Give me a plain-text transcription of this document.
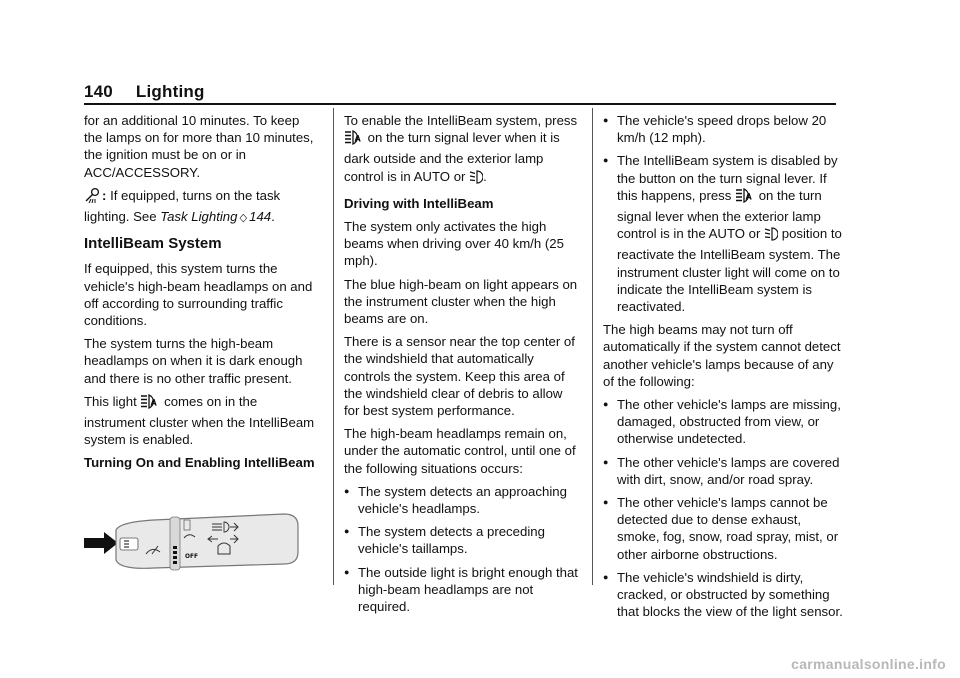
140 Lighting

for an additional 10 minutes. To keep the lamps on for more than 10 minutes, the ignition must be on or in ACC/ACCESSORY.

: If equipped, turns on the task lighting. See Task Lighting ◇ 144.

IntelliBeam System

If equipped, this system turns the vehicle's high-beam headlamps on and off according to surrounding traffic conditions.

The system turns the high-beam headlamps on when it is dark enough and there is no other traffic present.

This light A comes on in the instrument cluster when the IntelliBeam system is enabled.

Turning On and Enabling IntelliBeam
OFF

To enable the IntelliBeam system, press
A on the turn signal lever when it is dark outside and the exterior lamp control is in AUTO or .

Driving with IntelliBeam

The system only activates the high beams when driving over 40 km/h (25 mph).

The blue high-beam on light appears on the instrument cluster when the high beams are on.

There is a sensor near the top center of the windshield that automatically controls the system. Keep this area of the windshield clear of debris to allow for best system performance.

The high-beam headlamps remain on, under the automatic control, until one of the following situations occurs:

● The system detects an approaching vehicle's headlamps.
● The system detects a preceding vehicle's taillamps.
● The outside light is bright enough that high-beam headlamps are not required.
● The vehicle's speed drops below 20 km/h (12 mph).
● The IntelliBeam system is disabled by the button on the turn signal lever. If this happens, press A on the turn signal lever when the exterior lamp control is in the AUTO or  position to reactivate the IntelliBeam system. The instrument cluster light will come on to indicate the IntelliBeam system is reactivated.

The high beams may not turn off automatically if the system cannot detect another vehicle's lamps because of any of the following:

● The other vehicle's lamps are missing, damaged, obstructed from view, or otherwise undetected.
● The other vehicle's lamps are covered with dirt, snow, and/or road spray.
● The other vehicle's lamps cannot be detected due to dense exhaust, smoke, fog, snow, road spray, mist, or other airborne obstructions.
● The vehicle's windshield is dirty, cracked, or obstructed by something that blocks the view of the light sensor.
carmanualsonline.info
